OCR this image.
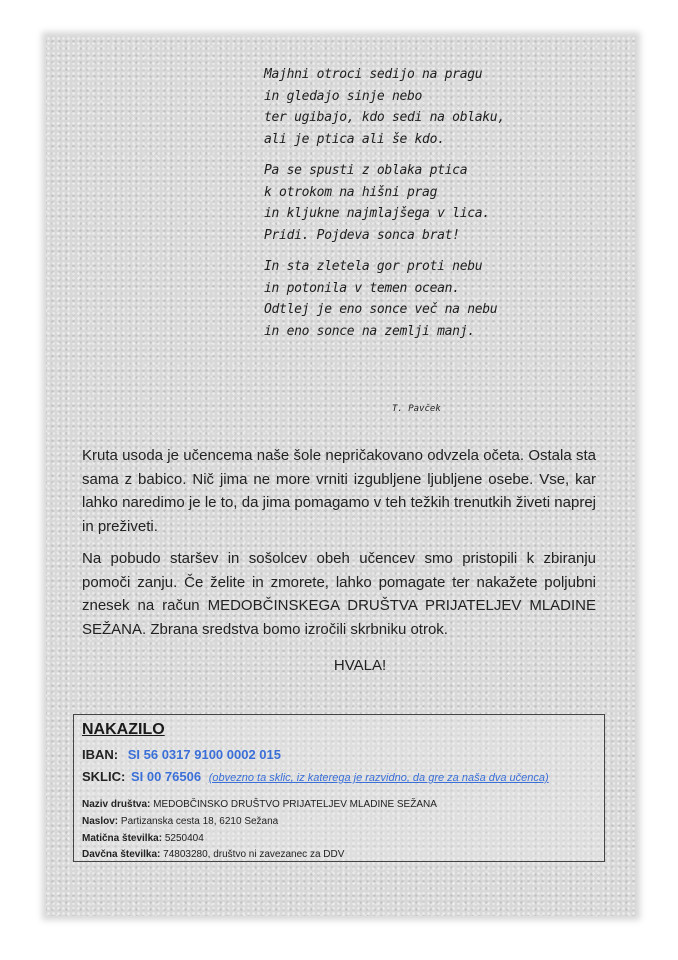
Majhni otroci sedijo na pragu
in gledajo sinje nebo
ter ugibajo, kdo sedi na oblaku,
ali je ptica ali še kdo.
Pa se spusti z oblaka ptica
k otrokom na hišni prag
in kljukne najmlajšega v lica.
Pridi. Pojdeva sonca brat!
In sta zletela gor proti nebu
in potonila v temen ocean.
Odtlej je eno sonce več na nebu
in eno sonce na zemlji manj.
T. Pavček

Kruta usoda je učencema naše šole nepričakovano odvzela očeta. Ostala sta sama z babico. Nič jima ne more vrniti izgubljene ljubljene osebe. Vse, kar lahko naredimo je le to, da jima pomagamo v teh težkih trenutkih živeti naprej in preživeti.

Na pobudo staršev in sošolcev obeh učencev smo pristopili k zbiranju pomoči zanju. Če želite in zmorete, lahko pomagate ter nakažete poljubni znesek na račun MEDOBČINSKEGA DRUŠTVA PRIJATELJEV MLADINE SEŽANA. Zbrana sredstva bomo izročili skrbniku otrok.

HVALA!
NAKAZILO
IBAN: SI 56 0317 9100 0002 015
SKLIC: SI 00 76506 (obvezno ta sklic, iz katerega je razvidno, da gre za naša dva učenca)
Naziv društva: MEDOBČINSKO DRUŠTVO PRIJATELJEV MLADINE SEŽANA
Naslov: Partizanska cesta 18, 6210 Sežana
Matična številka: 5250404
Davčna številka: 74803280, društvo ni zavezanec za DDV
